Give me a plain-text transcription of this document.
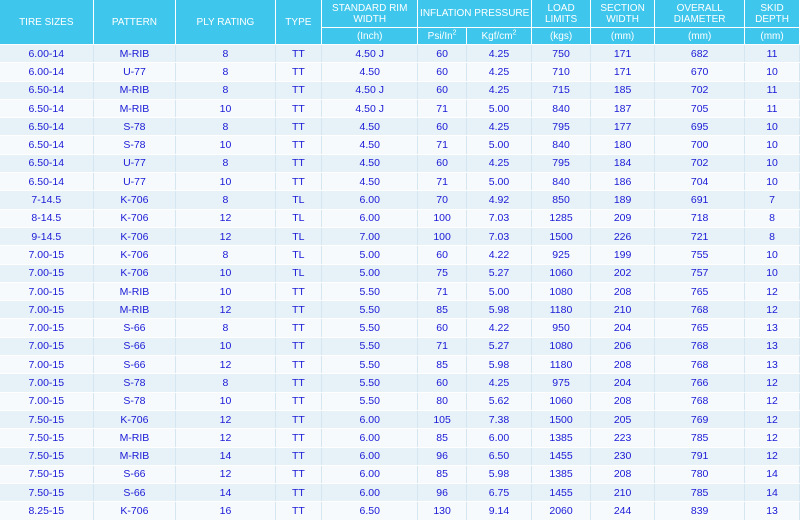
TIRE SIZES	PATTERN	PLY RATING	TYPE	STANDARD RIM WIDTH	INFLATION PRESSURE		LOAD LIMITS	SECTION WIDTH	OVERALL DIAMETER	SKID DEPTH
				(Inch)	Psi/In$^2$	Kgf/$cm^2$	(kgs)	(mm)	(mm)	(mm)
6.00-14	M-RIB	8	TT	4.50 J	60	4.25	750	171	682	11
6.00-14	U-77	8	TT	4.50	60	4.25	710	171	670	10
6.50-14	M-RIB	8	TT	4.50 J	60	4.25	715	185	702	11
6.50-14	M-RIB	10	TT	4.50 J	71	5.00	840	187	705	11
6.50-14	S-78	8	TT	4.50	60	4.25	795	177	695	10
6.50-14	S-78	10	TT	4.50	71	5.00	840	180	700	10
6.50-14	U-77	8	TT	4.50	60	4.25	795	184	702	10
6.50-14	U-77	10	TT	4.50	71	5.00	840	186	704	10
7-14.5	K-706	8	TL	6.00	70	4.92	850	189	691	7
8-14.5	K-706	12	TL	6.00	100	7.03	1285	209	718	8
9-14.5	K-706	12	TL	7.00	100	7.03	1500	226	721	8
7.00-15	K-706	8	TL	5.00	60	4.22	925	199	755	10
7.00-15	K-706	10	TL	5.00	75	5.27	1060	202	757	10
7.00-15	M-RIB	10	TT	5.50	71	5.00	1080	208	765	12
7.00-15	M-RIB	12	TT	5.50	85	5.98	1180	210	768	12
7.00-15	S-66	8	TT	5.50	60	4.22	950	204	765	13
7.00-15	S-66	10	TT	5.50	71	5.27	1080	206	768	13
7.00-15	S-66	12	TT	5.50	85	5.98	1180	208	768	13
7.00-15	S-78	8	TT	5.50	60	4.25	975	204	766	12
7.00-15	S-78	10	TT	5.50	80	5.62	1060	208	768	12
7.50-15	K-706	12	TT	6.00	105	7.38	1500	205	769	12
7.50-15	M-RIB	12	TT	6.00	85	6.00	1385	223	785	12
7.50-15	M-RIB	14	TT	6.00	96	6.50	1455	230	791	12
7.50-15	S-66	12	TT	6.00	85	5.98	1385	208	780	14
7.50-15	S-66	14	TT	6.00	96	6.75	1455	210	785	14
8.25-15	K-706	16	TT	6.50	130	9.14	2060	244	839	13
